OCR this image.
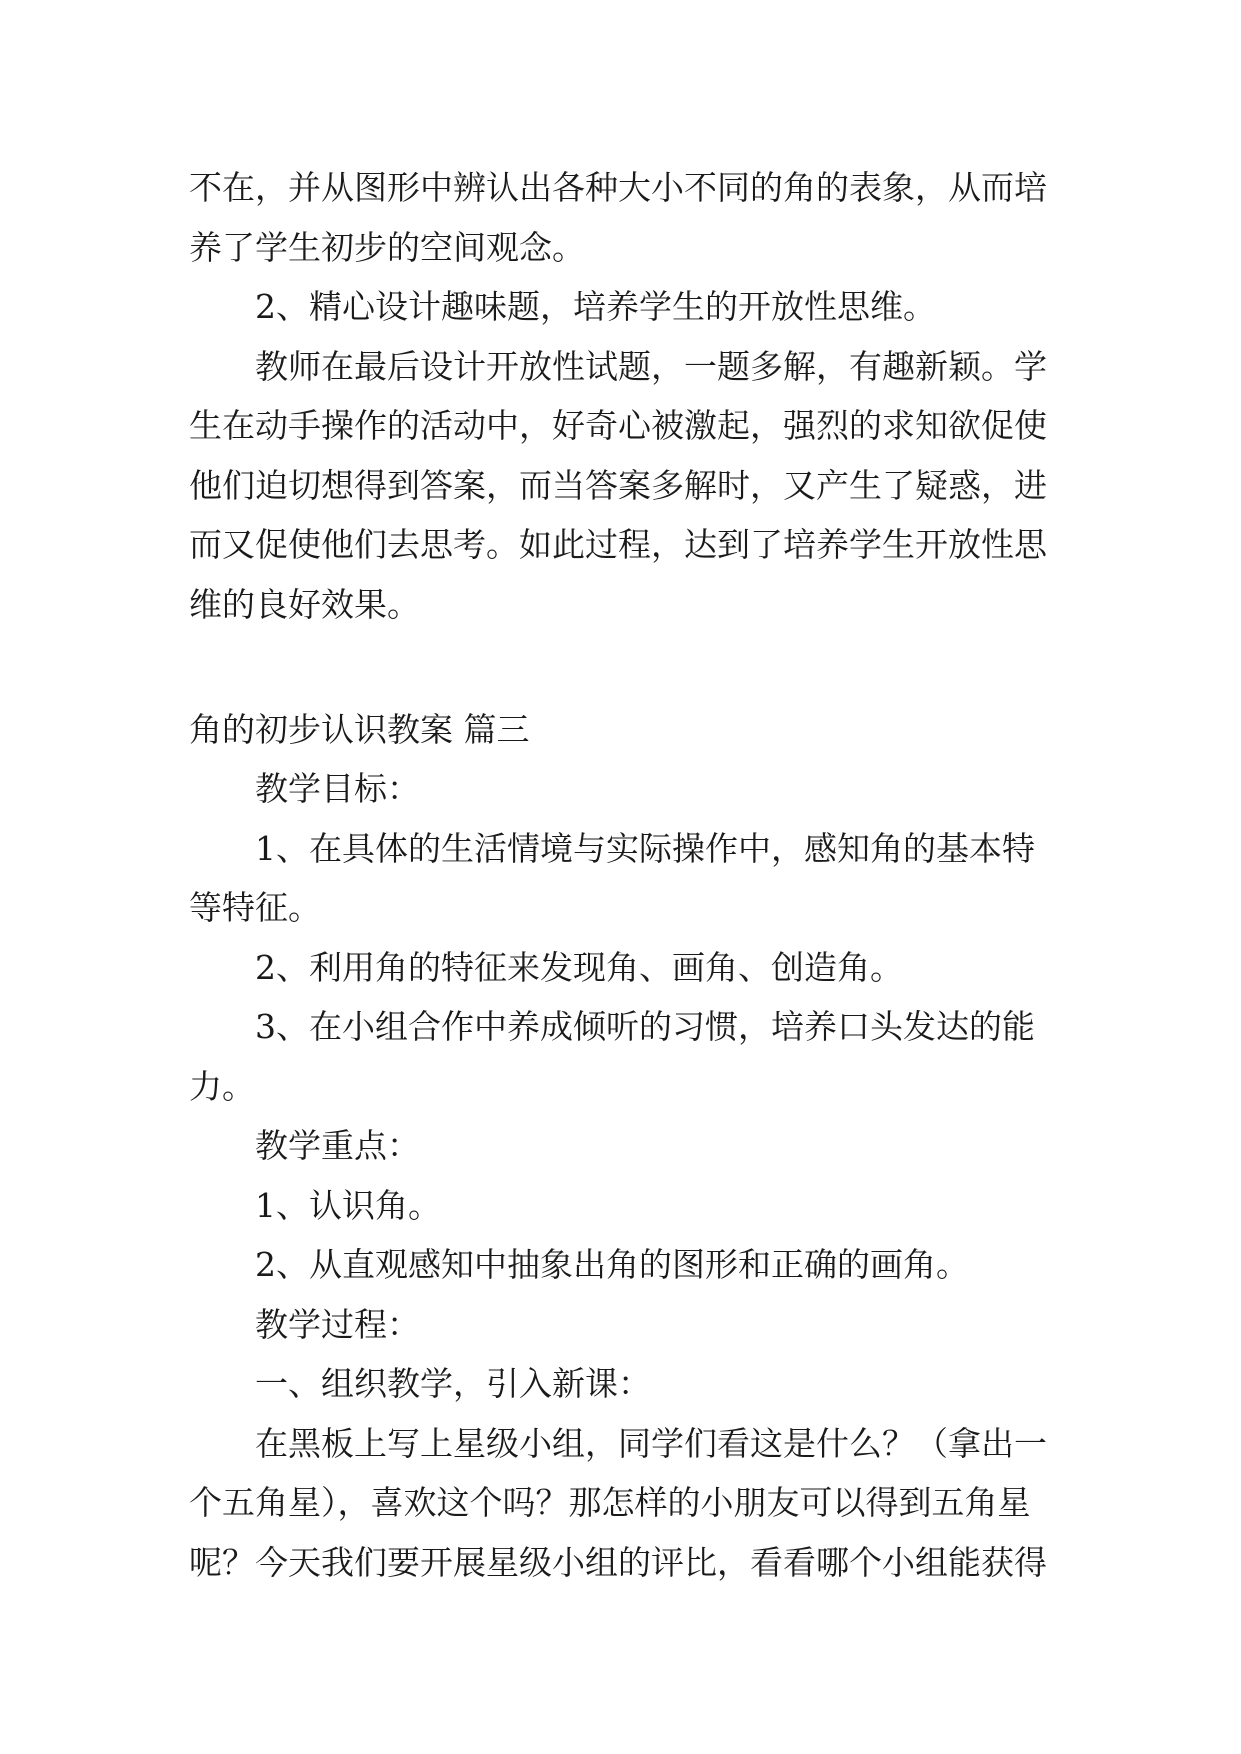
不在，并从图形中辨认出各种大小不同的角的表象，从而培
养了学生初步的空间观念。
2、精心设计趣味题，培养学生的开放性思维。
教师在最后设计开放性试题，一题多解，有趣新颖。学
生在动手操作的活动中，好奇心被激起，强烈的求知欲促使
他们迫切想得到答案，而当答案多解时，又产生了疑惑，进
而又促使他们去思考。如此过程，达到了培养学生开放性思
维的良好效果。
角的初步认识教案 篇三
教学目标：
1、在具体的生活情境与实际操作中，感知角的基本特
等特征。
2、利用角的特征来发现角、画角、创造角。
3、在小组合作中养成倾听的习惯，培养口头发达的能
力。
教学重点：
1、认识角。
2、从直观感知中抽象出角的图形和正确的画角。
教学过程：
一、组织教学，引入新课：
在黑板上写上星级小组，同学们看这是什么？（拿出一
个五角星），喜欢这个吗？那怎样的小朋友可以得到五角星
呢？今天我们要开展星级小组的评比，看看哪个小组能获得
